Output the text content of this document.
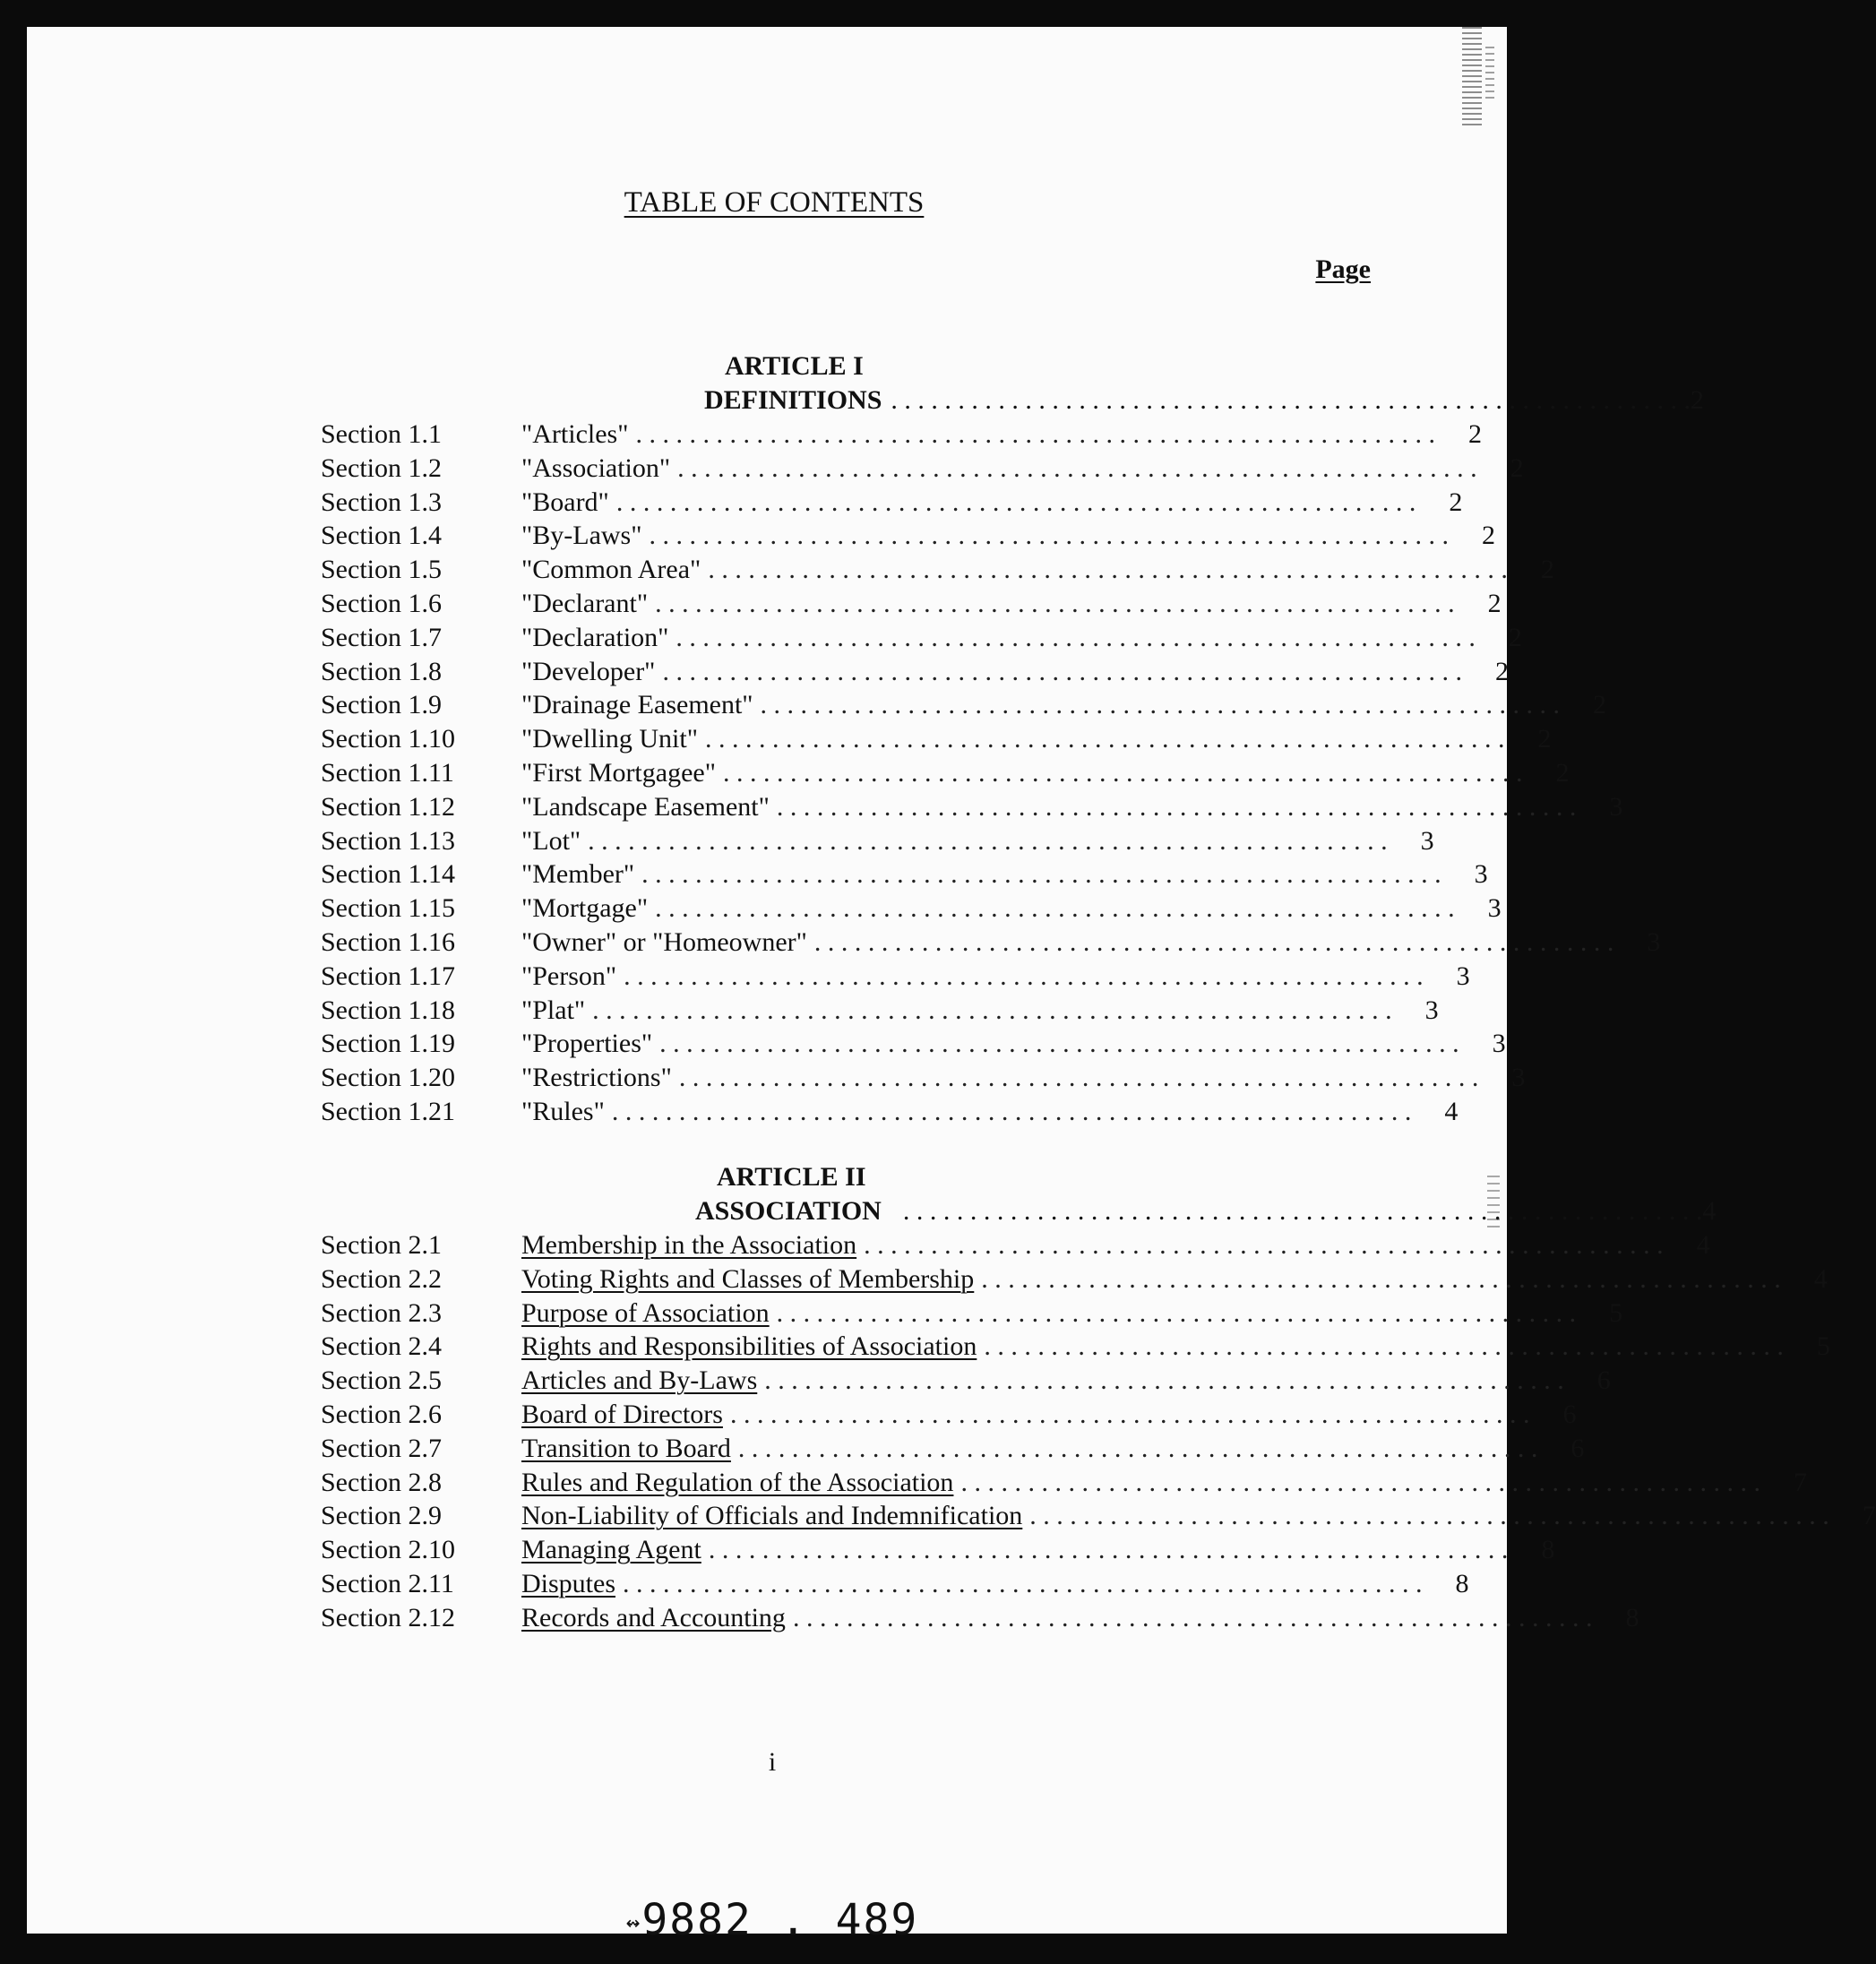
TABLE OF CONTENTS
Page
ARTICLE I
DEFINITIONS . . . . . . . . . . . . . . . . . . . . . . . . . . . . . . . . . . . . . . . . . . . . . . . . . . . . . . . . . . . . 2
Section 1.1	"Articles" . . . . . . . . . . . . . . . . . . . . . . . . . . . . . . . . . . . . . . . . . . . . . . . . . . . . . . . . . . . .	2
Section 1.2	"Association" . . . . . . . . . . . . . . . . . . . . . . . . . . . . . . . . . . . . . . . . . . . . . . . . . . . . . . . . . . . .	2
Section 1.3	"Board" . . . . . . . . . . . . . . . . . . . . . . . . . . . . . . . . . . . . . . . . . . . . . . . . . . . . . . . . . . . .	2
Section 1.4	"By-Laws" . . . . . . . . . . . . . . . . . . . . . . . . . . . . . . . . . . . . . . . . . . . . . . . . . . . . . . . . . . . .	2
Section 1.5	"Common Area" . . . . . . . . . . . . . . . . . . . . . . . . . . . . . . . . . . . . . . . . . . . . . . . . . . . . . . . . . . . .	2
Section 1.6	"Declarant" . . . . . . . . . . . . . . . . . . . . . . . . . . . . . . . . . . . . . . . . . . . . . . . . . . . . . . . . . . . .	2
Section 1.7	"Declaration" . . . . . . . . . . . . . . . . . . . . . . . . . . . . . . . . . . . . . . . . . . . . . . . . . . . . . . . . . . . .	2
Section 1.8	"Developer" . . . . . . . . . . . . . . . . . . . . . . . . . . . . . . . . . . . . . . . . . . . . . . . . . . . . . . . . . . . .	2
Section 1.9	"Drainage Easement" . . . . . . . . . . . . . . . . . . . . . . . . . . . . . . . . . . . . . . . . . . . . . . . . . . . . . . . . . . . .	2
Section 1.10	"Dwelling Unit" . . . . . . . . . . . . . . . . . . . . . . . . . . . . . . . . . . . . . . . . . . . . . . . . . . . . . . . . . . . .	2
Section 1.11	"First Mortgagee" . . . . . . . . . . . . . . . . . . . . . . . . . . . . . . . . . . . . . . . . . . . . . . . . . . . . . . . . . . . .	2
Section 1.12	"Landscape Easement" . . . . . . . . . . . . . . . . . . . . . . . . . . . . . . . . . . . . . . . . . . . . . . . . . . . . . . . . . . . .	3
Section 1.13	"Lot" . . . . . . . . . . . . . . . . . . . . . . . . . . . . . . . . . . . . . . . . . . . . . . . . . . . . . . . . . . . .	3
Section 1.14	"Member" . . . . . . . . . . . . . . . . . . . . . . . . . . . . . . . . . . . . . . . . . . . . . . . . . . . . . . . . . . . .	3
Section 1.15	"Mortgage" . . . . . . . . . . . . . . . . . . . . . . . . . . . . . . . . . . . . . . . . . . . . . . . . . . . . . . . . . . . .	3
Section 1.16	"Owner" or "Homeowner" . . . . . . . . . . . . . . . . . . . . . . . . . . . . . . . . . . . . . . . . . . . . . . . . . . . . . . . . . . . .	3
Section 1.17	"Person" . . . . . . . . . . . . . . . . . . . . . . . . . . . . . . . . . . . . . . . . . . . . . . . . . . . . . . . . . . . .	3
Section 1.18	"Plat" . . . . . . . . . . . . . . . . . . . . . . . . . . . . . . . . . . . . . . . . . . . . . . . . . . . . . . . . . . . .	3
Section 1.19	"Properties" . . . . . . . . . . . . . . . . . . . . . . . . . . . . . . . . . . . . . . . . . . . . . . . . . . . . . . . . . . . .	3
Section 1.20	"Restrictions" . . . . . . . . . . . . . . . . . . . . . . . . . . . . . . . . . . . . . . . . . . . . . . . . . . . . . . . . . . . .	3
Section 1.21	"Rules" . . . . . . . . . . . . . . . . . . . . . . . . . . . . . . . . . . . . . . . . . . . . . . . . . . . . . . . . . . . .	4
ARTICLE II
ASSOCIATION . . . . . . . . . . . . . . . . . . . . . . . . . . . . . . . . . . . . . . . . . . . . . . . . . . . . . . . . . . . . 4
Section 2.1	Membership in the Association . . . . . . . . . . . . . . . . . . . . . . . . . . . . . . . . . . . . . . . . . . . . . . . . . . . . . . . . . . . .	4
Section 2.2	Voting Rights and Classes of Membership . . . . . . . . . . . . . . . . . . . . . . . . . . . . . . . . . . . . . . . . . . . . . . . . . . . . . . . . . . . .	4
Section 2.3	Purpose of Association . . . . . . . . . . . . . . . . . . . . . . . . . . . . . . . . . . . . . . . . . . . . . . . . . . . . . . . . . . . .	5
Section 2.4	Rights and Responsibilities of Association . . . . . . . . . . . . . . . . . . . . . . . . . . . . . . . . . . . . . . . . . . . . . . . . . . . . . . . . . . . .	5
Section 2.5	Articles and By-Laws . . . . . . . . . . . . . . . . . . . . . . . . . . . . . . . . . . . . . . . . . . . . . . . . . . . . . . . . . . . .	6
Section 2.6	Board of Directors . . . . . . . . . . . . . . . . . . . . . . . . . . . . . . . . . . . . . . . . . . . . . . . . . . . . . . . . . . . .	6
Section 2.7	Transition to Board . . . . . . . . . . . . . . . . . . . . . . . . . . . . . . . . . . . . . . . . . . . . . . . . . . . . . . . . . . . .	6
Section 2.8	Rules and Regulation of the Association . . . . . . . . . . . . . . . . . . . . . . . . . . . . . . . . . . . . . . . . . . . . . . . . . . . . . . . . . . . .	7
Section 2.9	Non-Liability of Officials and Indemnification . . . . . . . . . . . . . . . . . . . . . . . . . . . . . . . . . . . . . . . . . . . . . . . . . . . . . . . . . . . .	7
Section 2.10	Managing Agent . . . . . . . . . . . . . . . . . . . . . . . . . . . . . . . . . . . . . . . . . . . . . . . . . . . . . . . . . . . .	8
Section 2.11	Disputes . . . . . . . . . . . . . . . . . . . . . . . . . . . . . . . . . . . . . . . . . . . . . . . . . . . . . . . . . . . .	8
Section 2.12	Records and Accounting . . . . . . . . . . . . . . . . . . . . . . . . . . . . . . . . . . . . . . . . . . . . . . . . . . . . . . . . . . . .	8
i
↭9882 . 489
